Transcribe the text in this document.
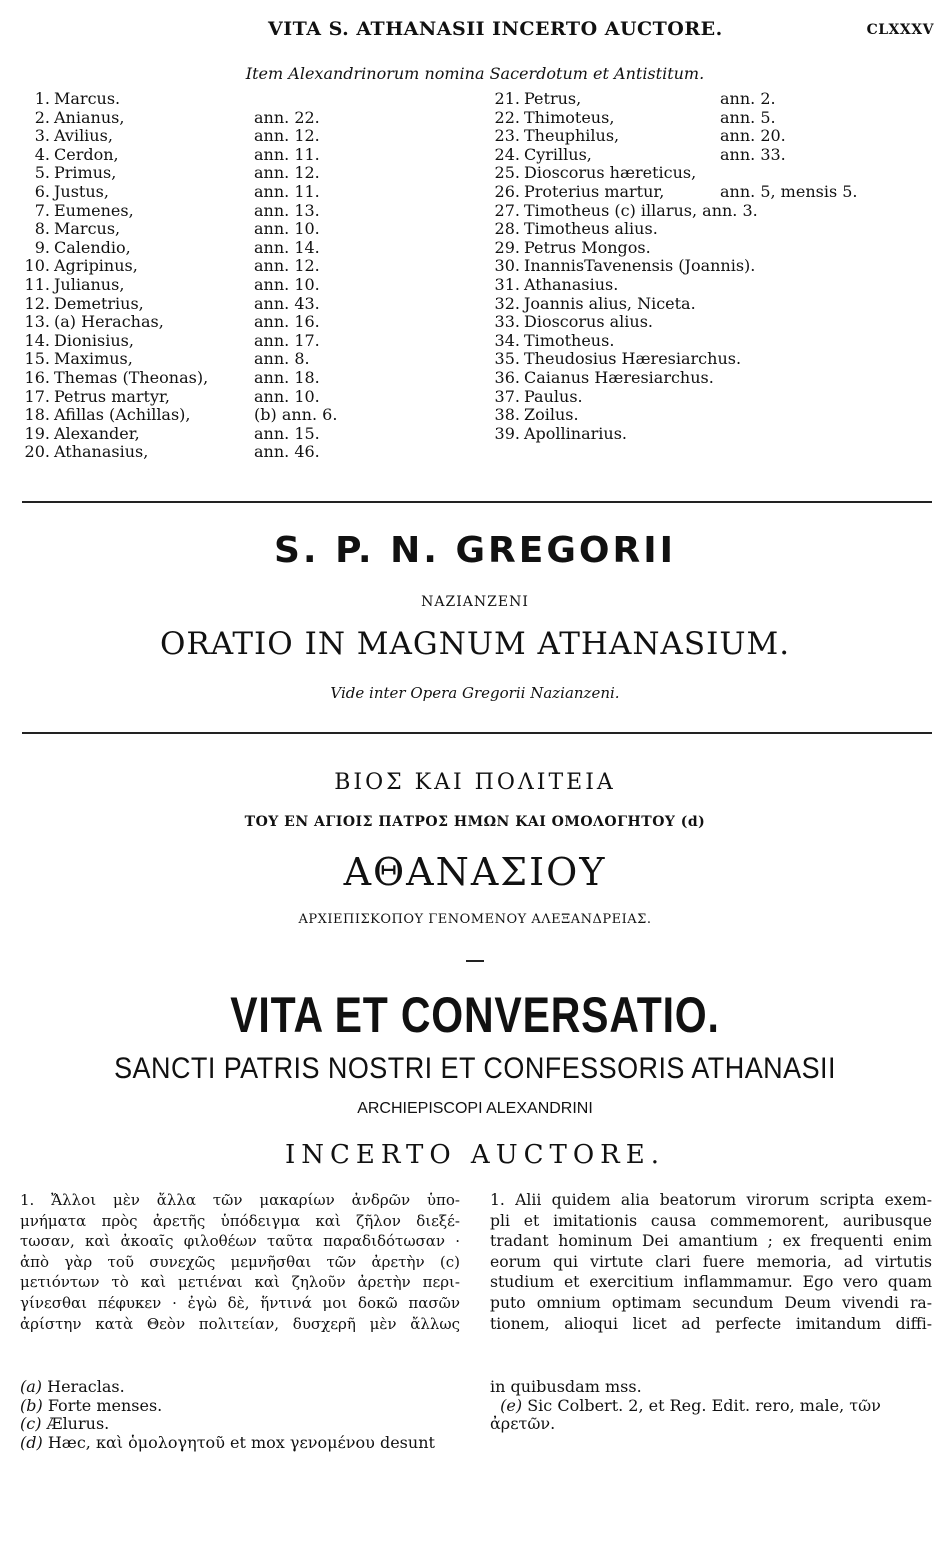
VITA S. ATHANASII INCERTO AUCTORE.	CLXXXV
Item Alexandrinorum nomina Sacerdotum et Antistitum.
1. Marcus.
2. Anianus,	ann. 22.
3. Avilius,	ann. 12.
4. Cerdon,	ann. 11.
5. Primus,	ann. 12.
6. Justus,	ann. 11.
7. Eumenes,	ann. 13.
8. Marcus,	ann. 10.
9. Calendio,	ann. 14.
10. Agripinus,	ann. 12.
11. Julianus,	ann. 10.
12. Demetrius,	ann. 43.
13. (a) Herachas,	ann. 16.
14. Dionisius,	ann. 17.
15. Maximus,	ann. 8.
16. Themas (Theonas),	ann. 18.
17. Petrus martyr,	ann. 10.
18. Afillas (Achillas),	(b) ann. 6.
19. Alexander,	ann. 15.
20. Athanasius,	ann. 46.
21. Petrus,	ann. 2.
22. Thimoteus,	ann. 5.
23. Theuphilus,	ann. 20.
24. Cyrillus,	ann. 33.
25. Dioscorus hæreticus,
26. Proterius martur,	ann. 5, mensis 5.
27. Timotheus (c) illarus, ann. 3.
28. Timotheus alius.
29. Petrus Mongos.
30. InannisTavenensis (Joannis).
31. Athanasius.
32. Joannis alius, Niceta.
33. Dioscorus alius.
34. Timotheus.
35. Theudosius Hæresiarchus.
36. Caianus Hæresiarchus.
37. Paulus.
38. Zoilus.
39. Apollinarius.
S. P. N. GREGORII
NAZIANZENI
ORATIO IN MAGNUM ATHANASIUM.
Vide inter Opera Gregorii Nazianzeni.
ΒΙΟΣ ΚΑΙ ΠΟΛΙΤΕΙΑ
ΤΟΥ ΕΝ ΑΓΙΟΙΣ ΠΑΤΡΟΣ ΗΜΩΝ ΚΑΙ ΟΜΟΛΟΓΗΤΟΥ (d)
ΑΘΑΝΑΣΙΟΥ
ΑΡΧΙΕΠΙΣΚΟΠΟΥ ΓΕΝΟΜΕΝΟΥ ΑΛΕΞΑΝΔΡΕΙΑΣ.
VITA ET CONVERSATIO.
SANCTI PATRIS NOSTRI ET CONFESSORIS ATHANASII
ARCHIEPISCOPI ALEXANDRINI
INCERTO AUCTORE.
1. Ἄλλοι μὲν ἄλλα τῶν μακαρίων ἀνδρῶν ὑπο-
μνήματα πρὸς ἀρετῆς ὑπόδειγμα καὶ ζῆλον διεξέ-
τωσαν, καὶ ἀκοαῖς φιλοθέων ταῦτα παραδιδότωσαν ·
ἀπὸ γὰρ τοῦ συνεχῶς μεμνῆσθαι τῶν ἀρετὴν (c)
μετιόντων τὸ καὶ μετιέναι καὶ ζηλοῦν ἀρετὴν περι-
γίνεσθαι πέφυκεν · ἐγὼ δὲ, ἥντινά μοι δοκῶ πασῶν
ἀρίστην κατὰ Θεὸν πολιτείαν, δυσχερῆ μὲν ἄλλως
1. Alii quidem alia beatorum virorum scripta exem-
pli et imitationis causa commemorent, auribusque
tradant hominum Dei amantium ; ex frequenti enim
eorum qui virtute clari fuere memoria, ad virtutis
studium et exercitium inflammamur. Ego vero quam
puto omnium optimam secundum Deum vivendi ra-
tionem, alioqui licet ad perfecte imitandum diffi-
(a) Heraclas.
(b) Forte menses.
(c) Ælurus.
(d) Hæc, καὶ ὁμολογητοῦ et mox γενομένου desunt
in quibusdam mss.
(e) Sic Colbert. 2, et Reg. Edit. rero, male, τῶν
ἀρετῶν.
